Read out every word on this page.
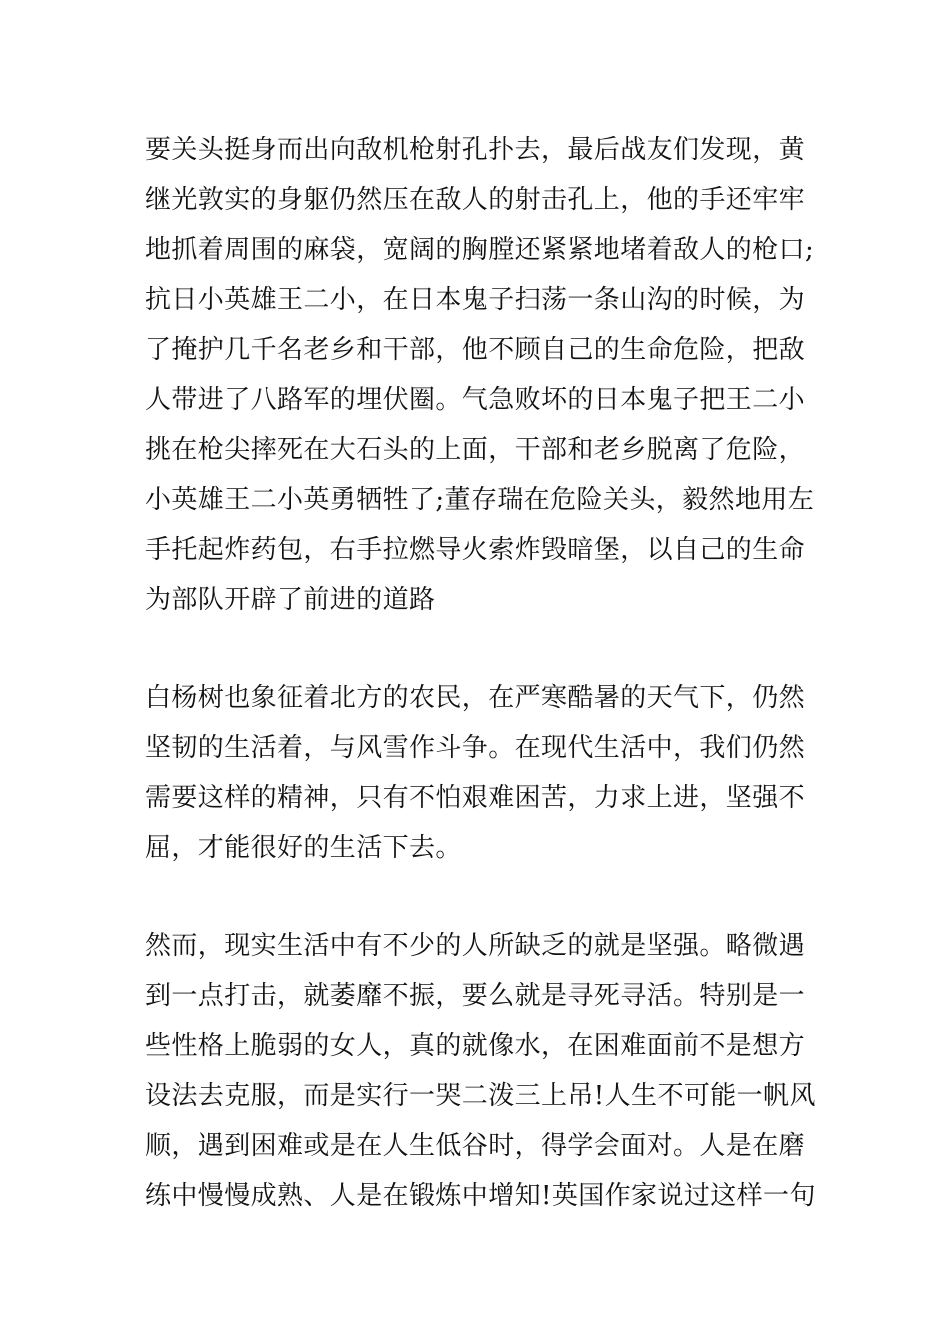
要关头挺身而出向敌机枪射孔扑去，最后战友们发现，黄

继光敦实的身躯仍然压在敌人的射击孔上，他的手还牢牢

地抓着周围的麻袋，宽阔的胸膛还紧紧地堵着敌人的枪口;

抗日小英雄王二小，在日本鬼子扫荡一条山沟的时候，为

了掩护几千名老乡和干部，他不顾自己的生命危险，把敌

人带进了八路军的埋伏圈。气急败坏的日本鬼子把王二小

挑在枪尖摔死在大石头的上面，干部和老乡脱离了危险，

小英雄王二小英勇牺牲了;董存瑞在危险关头，毅然地用左

手托起炸药包，右手拉燃导火索炸毁暗堡，以自己的生命

为部队开辟了前进的道路

白杨树也象征着北方的农民，在严寒酷暑的天气下，仍然

坚韧的生活着，与风雪作斗争。在现代生活中，我们仍然

需要这样的精神，只有不怕艰难困苦，力求上进，坚强不

屈，才能很好的生活下去。

然而，现实生活中有不少的人所缺乏的就是坚强。略微遇

到一点打击，就萎靡不振，要么就是寻死寻活。特别是一

些性格上脆弱的女人，真的就像水，在困难面前不是想方

设法去克服，而是实行一哭二泼三上吊!人生不可能一帆风

顺，遇到困难或是在人生低谷时，得学会面对。人是在磨

练中慢慢成熟、人是在锻炼中增知!英国作家说过这样一句
